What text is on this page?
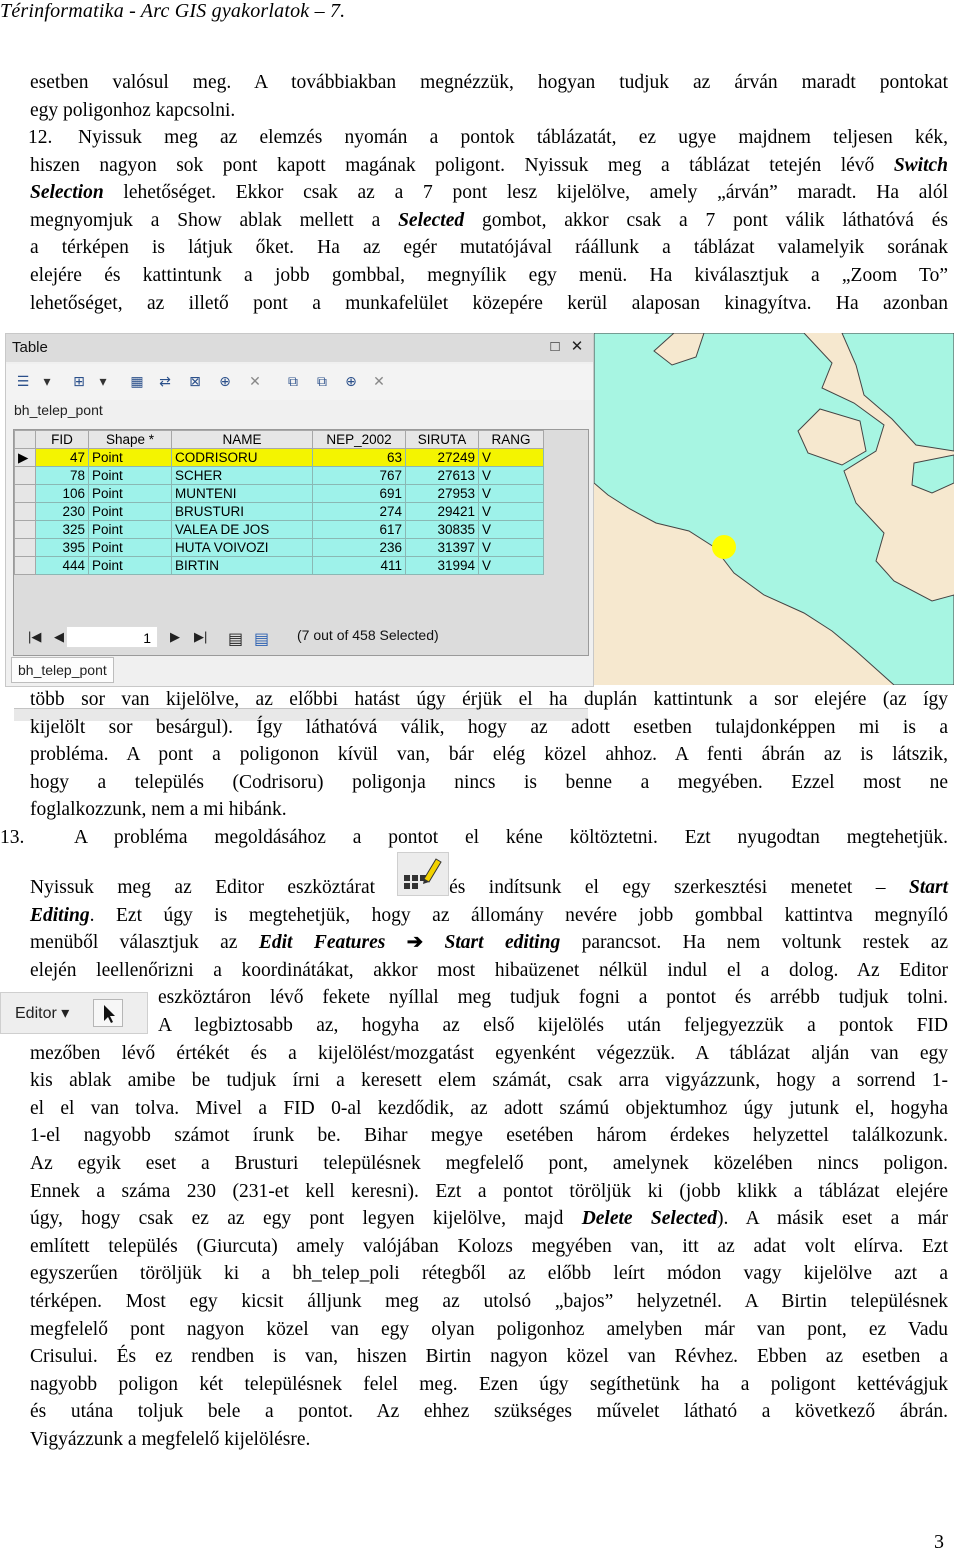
Térinformatika - Arc GIS gyakorlatok – 7.
esetben valósul meg. A továbbiakban megnézzük, hogyan tudjuk az árván maradt pontokat
egy poligonhoz kapcsolni.
12.	Nyissuk meg az elemzés nyomán a pontok táblázatát, ez ugye majdnem teljesen kék,
hiszen nagyon sok pont kapott magának poligont. Nyissuk meg a táblázat tetején lévő Switch
Selection lehetőséget. Ekkor csak az a 7 pont lesz kijelölve, amely „árván” maradt. Ha alól
megnyomjuk a Show ablak mellett a Selected gombot, akkor csak a 7 pont válik láthatóvá és
a térképen is látjuk őket. Ha az egér mutatójával ráállunk a táblázat valamelyik sorának
elejére és kattintunk a jobb gombbal, megnyílik egy menü. Ha kiválasztjuk a „Zoom To”
lehetőséget, az illető pont a munkafelület közepére kerül alaposan kinagyítva. Ha azonban
Table	□ ✕
☰	▾	⊞	▾	▦	⇄	⊠	⊕	✕	⧉	⧉	⊕	✕
bh_telep_pont
	FID	Shape *	NAME	NEP_2002	SIRUTA	RANG
▶	47	Point	CODRISORU	63	27249	V
	78	Point	SCHER	767	27613	V
	106	Point	MUNTENI	691	27953	V
	230	Point	BRUSTURI	274	29421	V
	325	Point	VALEA DE JOS	617	30835	V
	395	Point	HUTA VOIVOZI	236	31397	V
	444	Point	BIRTIN	411	31994	V
|◀ ◀	1	▶ ▶| ▤ ▤ (7 out of 458 Selected)
bh_telep_pont
több sor van kijelölve, az előbbi hatást úgy érjük el ha duplán kattintunk a sor elejére (az így
kijelölt sor besárgul). Így láthatóvá válik, hogy az adott esetben tulajdonképpen mi is a
probléma. A pont a poligonon kívül van, bár elég közel ahhoz. A fenti ábrán az is látszik,
hogy a település (Codrisoru) poligonja nincs is benne a megyében. Ezzel most ne
foglalkozzunk, nem a mi hibánk.
13.	A probléma megoldásához a pontot el kéne költöztetni. Ezt nyugodtan megtehetjük.
Nyissuk meg az Editor eszköztárat	és indítsunk el egy szerkesztési menetet – Start
Editing. Ezt úgy is megtehetjük, hogy az állomány nevére jobb gombbal kattintva megnyíló
menüből választjuk az Edit Features ➔ Start editing parancsot. Ha nem voltunk restek az
elején leellenőrizni a koordinátákat, akkor most hibaüzenet nélkül indul el a dolog. Az Editor
eszköztáron lévő fekete nyíllal meg tudjuk fogni a pontot és arrébb tudjuk tolni.
A legbiztosabb az, hogyha az első kijelölés után feljegyezzük a pontok FID
mezőben lévő értékét és a kijelölést/mozgatást egyenként végezzük. A táblázat alján van egy
kis ablak amibe be tudjuk írni a keresett elem számát, csak arra vigyázzunk, hogy a sorrend 1-
el el van tolva. Mivel a FID 0-al kezdődik, az adott számú objektumhoz úgy jutunk el, hogyha
1-el nagyobb számot írunk be. Bihar megye esetében három érdekes helyzettel találkozunk.
Az egyik eset a Brusturi településnek megfelelő pont, amelynek közelében nincs poligon.
Ennek a száma 230 (231-et kell keresni). Ezt a pontot töröljük ki (jobb klikk a táblázat elejére
úgy, hogy csak ez az egy pont legyen kijelölve, majd Delete Selected). A másik eset a már
említett település (Giurcuta) amely valójában Kolozs megyében van, itt az adat volt elírva. Ezt
egyszerűen töröljük ki a bh_telep_poli rétegből az előbb leírt módon vagy kijelölve azt a
térképen. Most egy kicsit álljunk meg az utolsó „bajos” helyzetnél. A Birtin településnek
megfelelő pont nagyon közel van egy olyan poligonhoz amelyben már van pont, ez Vadu
Crisului. És ez rendben is van, hiszen Birtin nagyon közel van Révhez. Ebben az esetben a
nagyobb poligon két településnek felel meg. Ezen úgy segíthetünk ha a poligont kettévágjuk
és utána toljuk bele a pontot. Az ehhez szükséges művelet látható a következő ábrán.
Vigyázzunk a megfelelő kijelölésre.
Editor ▾
3
